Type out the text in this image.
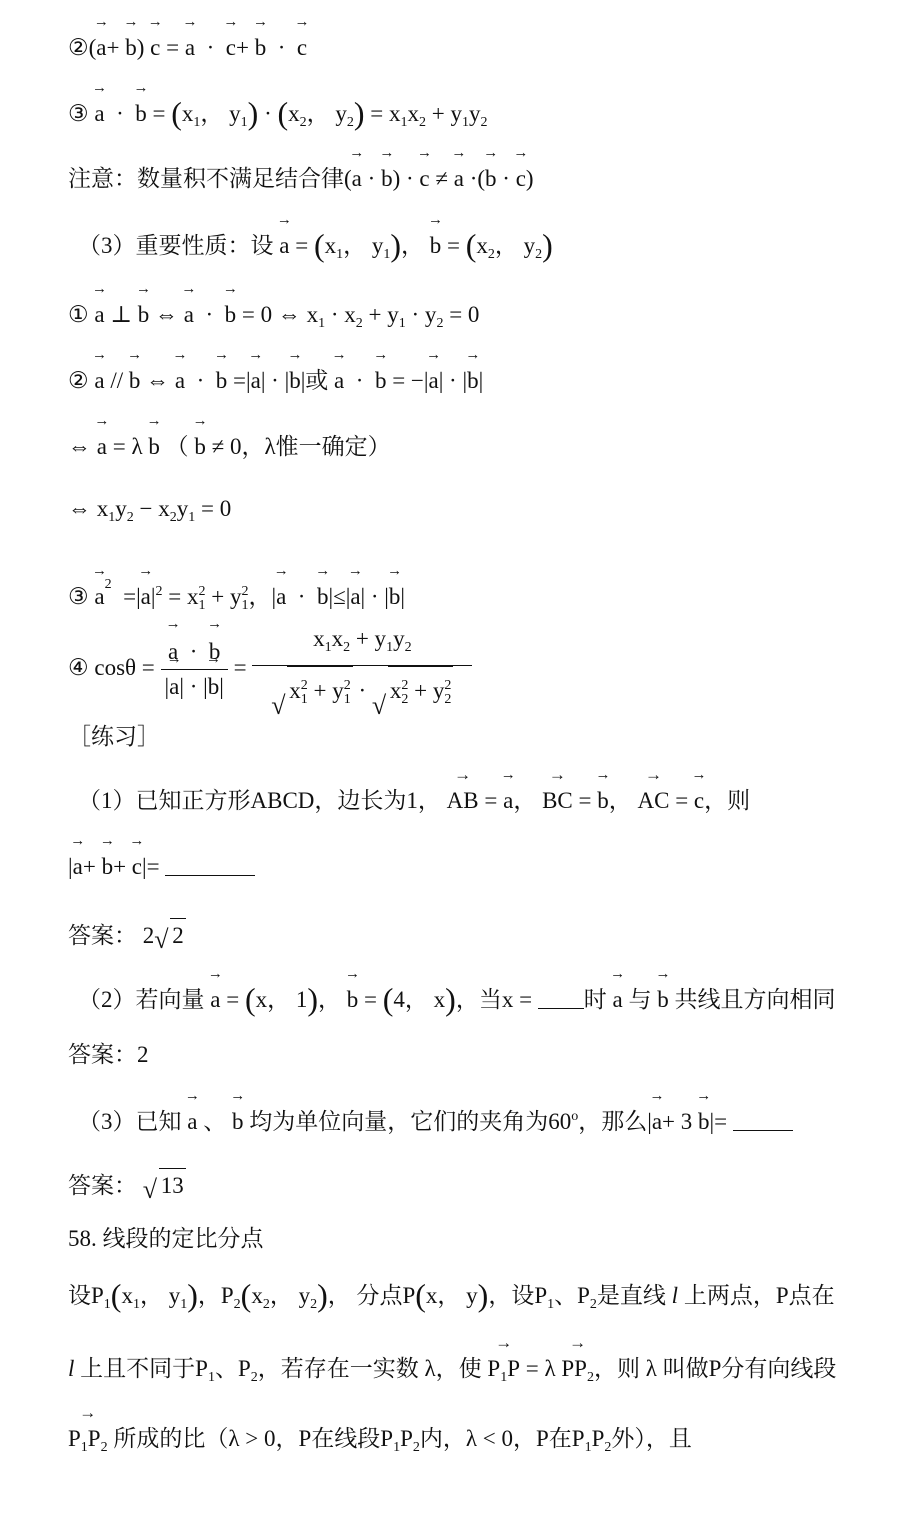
②(→ a+ → b) → c = → a  ·  → c+ → b  ·  → c
③ → a  ·  → $b = (x_1$， $y_1) \cdot (x_2$， $y_2) = x_1x_2 + y_1y_2$
注意：数量积不满足结合律(→ a · → b) · → c ≠ → a ·(→ b · → c)
（3）重要性质：设 → $a = (x_1$， $y_1$)， → $b = (x_2$， $y_2$)
① → a ⊥ → b ⇔ → a  ·  → b = 0 ⇔ $x_1 \cdot x_2 + y_1 \cdot y_2 = 0$
② → a // → b ⇔ → a  ·  → b =|→ a| · |→ b|或 → a  ·  → b = −|→ a| · |→ b|
⇔ → a = λ → b （ → b ≠ 0，λ惟一确定）
⇔ $x_1y_2 - x_2y_1 = 0$
③ → $a^2$  =|→ $a|^2 = x_1^2 + y_1^2$，|→ a  ·  → b|≤|→ a| · |→ b|
④ cosθ =
→ $\frac{a \cdot \to b}{|\to a| \cdot |\to b|} = x_1x_2 + y_1y_2$
√
$x_1^2 + y_1^2$ ·
√
$x_2^2 + y_2^2$
［练习］
（1）已知正方形ABCD，边长为1， → AB = → a， → BC = → b， → AC = → c，则
|→ a+ → b+ → c|=
答案： 2 √ 2
（2）若向量 → a = (x， 1)， → b = (4， x)，当x = 时 → a 与 → b 共线且方向相同
答案：2
（3）已知 → a 、 → b 均为单位向量，它们的夹角为60$^o$，那么|→ a+ 3 → b|=
答案： √ 13
58. 线段的定比分点
设$P_1(x_1$， $y_1$)，$P_2(x_2$， $y_2$)， 分点P(x， y)，设$P_1$、$P_2$是直线 l 上两点，P点在
l 上且不同于$P_1$、$P_2$，若存在一实数 λ，使 → $P_1P = \lambda \to PP_2$，则 λ 叫做P分有向线段
→ $P_1P_2$ 所成的比（λ > 0，P在线段$P_1P_2$内，λ < 0，P在$P_1P_2$外），且
